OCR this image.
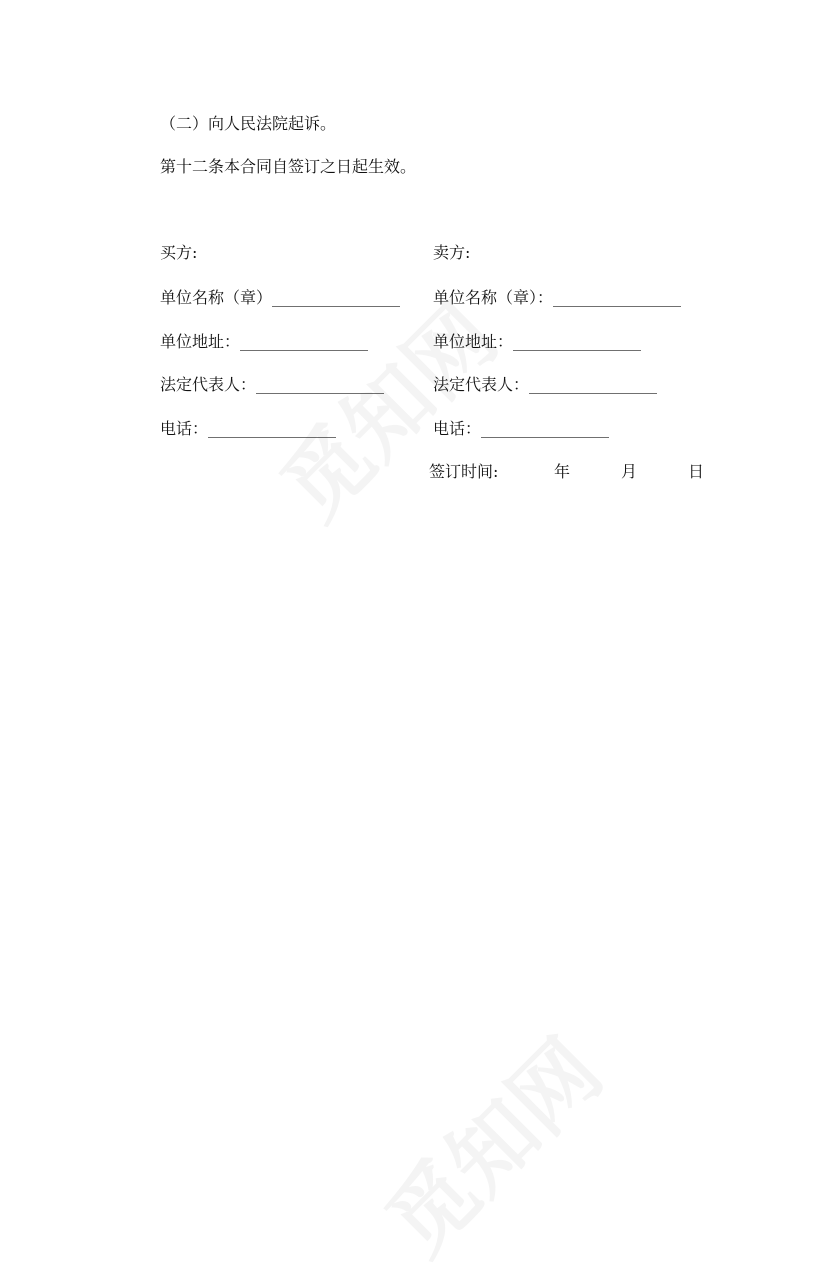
（二）向人民法院起诉。
第十二条本合同自签订之日起生效。
买方:	卖方:
单位名称（章）________________ 单位名称（章）：________________
单位地址：________________	单位地址：________________
法定代表人：________________	法定代表人：________________
电话：________________	电话：________________
签订时间:	年	月	日
